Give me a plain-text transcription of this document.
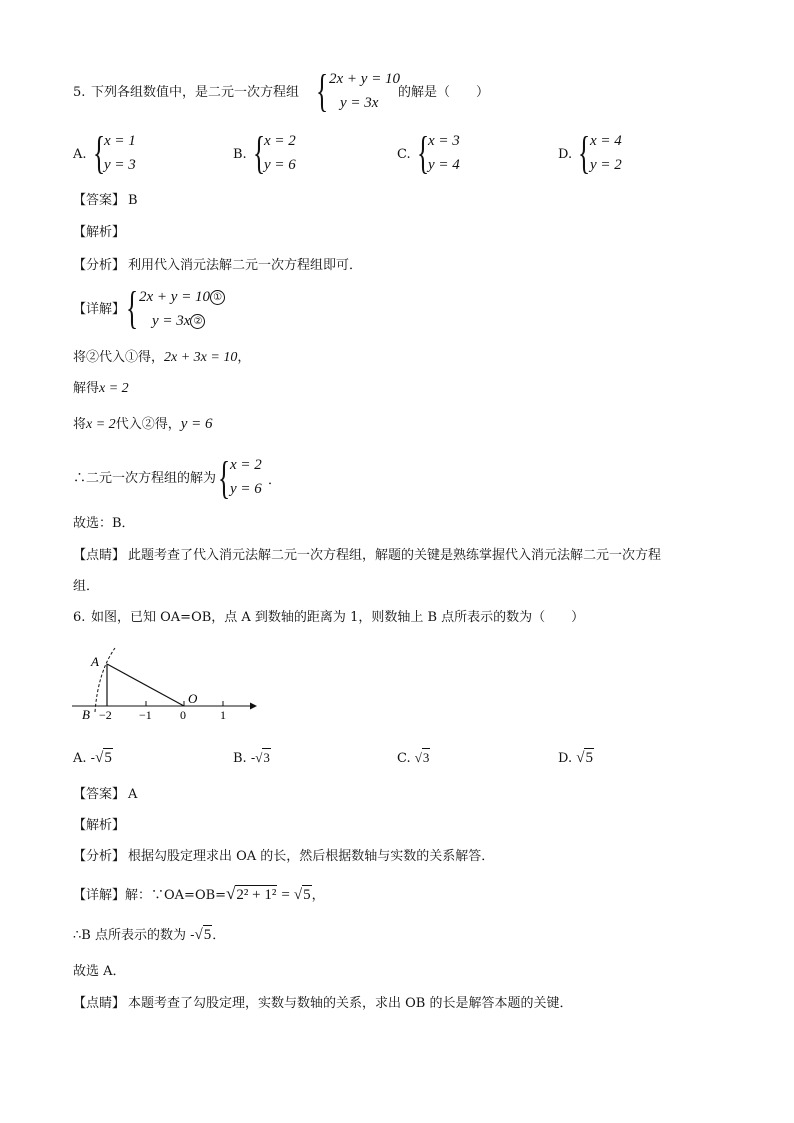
5. 下列各组数值中，是二元一次方程组 { 2x + y = 10
y = 3x
的解是（　　）
A. {
x = 1
y = 3
B. {
x = 2
y = 6
C. {
x = 3
y = 4
D. { x = 4
y = 2
【答案】 B
【解析】
【分析】 利用代入消元法解二元一次方程组即可．
【详解】 { 2x + y = 10 ①
y = 3x ②
将②代入①得，2x + 3x = 10，
解得x = 2
将x = 2代入②得，y = 6
∴二元一次方程组的解为 { x = 2
y = 6
．
故选：B．
【点睛】 此题考查了代入消元法解二元一次方程组，解题的关键是熟练掌握代入消元法解二元一次方程
组．
6. 如图，已知 OA=OB，点 A 到数轴的距离为 1，则数轴上 B 点所表示的数为（　　）
A
O
B −2 −1 0	1
A. -√5	B. -√3	C. √3	D. √5
【答案】 A
【解析】
【分析】 根据勾股定理求出 OA 的长，然后根据数轴与实数的关系解答．
【详解】解：∵OA=OB=√2² + 1² = √5，
∴B 点所表示的数为 -√5．
故选 A．
【点睛】 本题考查了勾股定理，实数与数轴的关系，求出 OB 的长是解答本题的关键．
